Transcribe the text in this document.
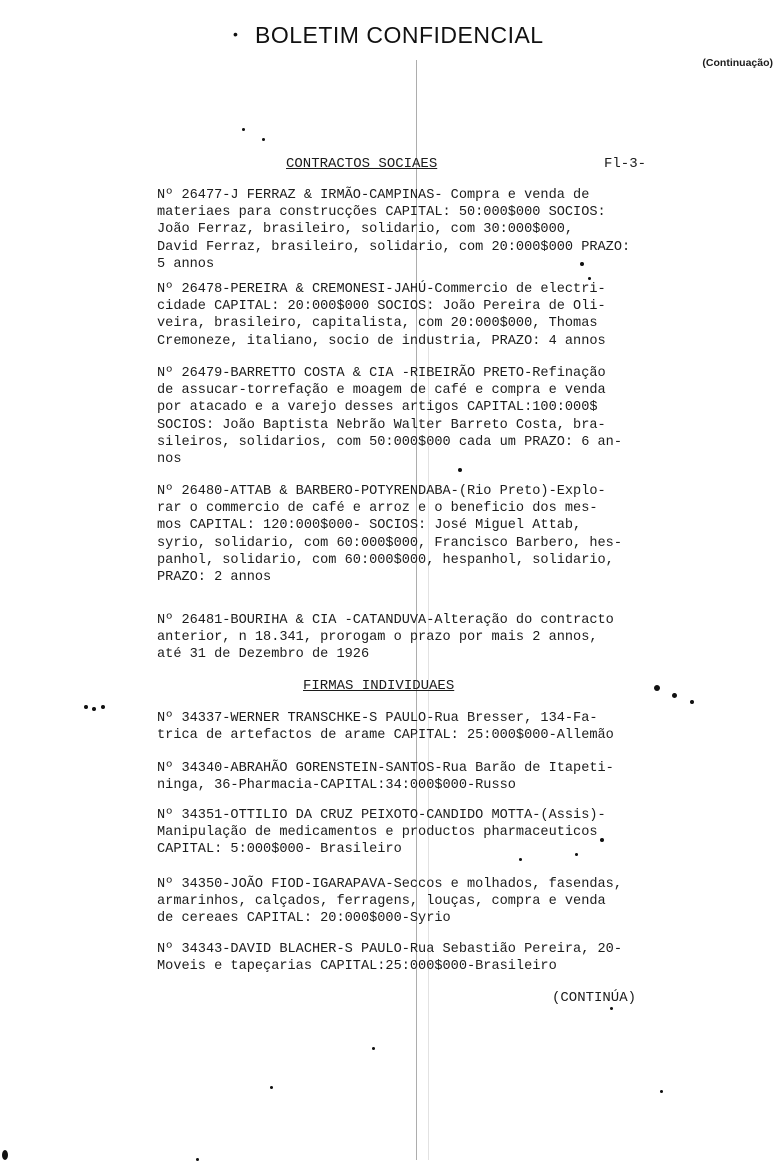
• BOLETIM CONFIDENCIAL
(Continuação)
CONTRACTOS SOCIAES	Fl-3-
Nº 26477-J FERRAZ & IRMÃO-CAMPINAS- Compra e venda de
materiaes para construcções CAPITAL: 50:000$000 SOCIOS:
João Ferraz, brasileiro, solidario, com 30:000$000,
David Ferraz, brasileiro, solidario, com 20:000$000 PRAZO:
5 annos
Nº 26478-PEREIRA & CREMONESI-JAHÚ-Commercio de electri-
cidade CAPITAL: 20:000$000 SOCIOS: João Pereira de Oli-
veira, brasileiro, capitalista, com 20:000$000, Thomas
Cremoneze, italiano, socio de industria, PRAZO: 4 annos
Nº 26479-BARRETTO COSTA & CIA -RIBEIRÃO PRETO-Refinação
de assucar-torrefação e moagem de café e compra e venda
por atacado e a varejo desses artigos CAPITAL:100:000$
SOCIOS: João Baptista Nebrão Walter Barreto Costa, bra-
sileiros, solidarios, com 50:000$000 cada um PRAZO: 6 an-
nos
Nº 26480-ATTAB & BARBERO-POTYRENDABA-(Rio Preto)-Explo-
rar o commercio de café e arroz e o beneficio dos mes-
mos CAPITAL: 120:000$000- SOCIOS: José Miguel Attab,
syrio, solidario, com 60:000$000, Francisco Barbero, hes-
panhol, solidario, com 60:000$000, hespanhol, solidario,
PRAZO: 2 annos
Nº 26481-BOURIHA & CIA -CATANDUVA-Alteração do contracto
anterior, n 18.341, prorogam o prazo por mais 2 annos,
até 31 de Dezembro de 1926
FIRMAS INDIVIDUAES
Nº 34337-WERNER TRANSCHKE-S PAULO-Rua Bresser, 134-Fa-
trica de artefactos de arame CAPITAL: 25:000$000-Allemão
Nº 34340-ABRAHÃO GORENSTEIN-SANTOS-Rua Barão de Itapeti-
ninga, 36-Pharmacia-CAPITAL:34:000$000-Russo
Nº 34351-OTTILIO DA CRUZ PEIXOTO-CANDIDO MOTTA-(Assis)-
Manipulação de medicamentos e productos pharmaceuticos
CAPITAL: 5:000$000- Brasileiro
Nº 34350-JOÃO FIOD-IGARAPAVA-Seccos e molhados, fasendas,
armarinhos, calçados, ferragens, louças, compra e venda
de cereaes CAPITAL: 20:000$000-Syrio
Nº 34343-DAVID BLACHER-S PAULO-Rua Sebastião Pereira, 20-
Moveis e tapeçarias CAPITAL:25:000$000-Brasileiro
(CONTINÚA)
